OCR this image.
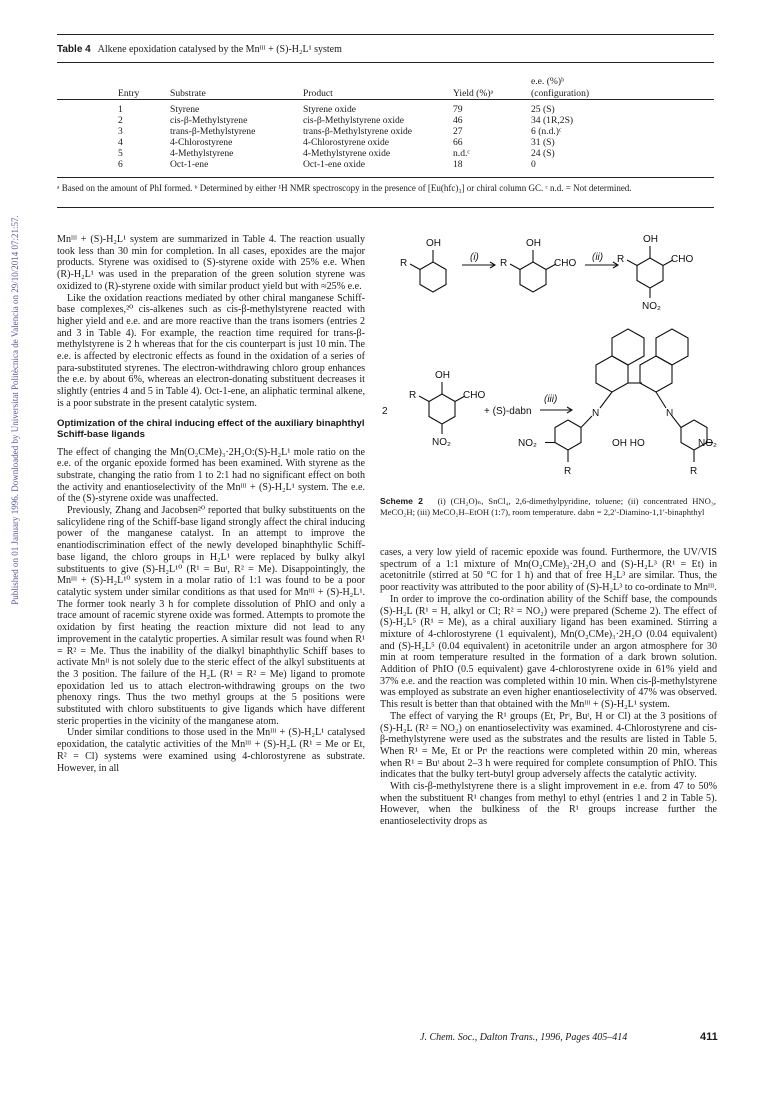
Table 4 Alkene epoxidation catalysed by the Mnᴵᴵᴵ + (S)-H₂L¹ system
Entry	Substrate	Product	Yield (%)ᵃ
e.e. (%)ᵇ
(configuration)
1	Styrene	Styrene oxide	79	25 (S)
2	cis-β-Methylstyrene	cis-β-Methylstyrene oxide	46	34 (1R,2S)
3	trans-β-Methylstyrene	trans-β-Methylstyrene oxide	27	6 (n.d.)ᶜ
4	4-Chlorostyrene	4-Chlorostyrene oxide	66	31 (S)
5	4-Methylstyrene	4-Methylstyrene oxide	n.d.ᶜ	24 (S)
6	Oct-1-ene	Oct-1-ene oxide	18	0
ᵃ Based on the amount of PhI formed. ᵇ Determined by either ¹H NMR spectroscopy in the presence of [Eu(hfc)₃] or chiral column GC. ᶜ n.d. = Not determined.
Published on 01 January 1996. Downloaded by Universitat Politècnica de Valencia on 29/10/2014 07:21:57.	Mnᴵᴵᴵ + (S)-H₂L¹ system are summarized in Table 4. The reaction usually took less than 30 min for completion. In all cases, epoxides are the major products. Styrene was oxidised to (S)-styrene oxide with 25% e.e. When (R)-H₂L¹ was used in the preparation of the green solution styrene was oxidized to (R)-styrene oxide with similar product yield but with ≈25% e.e.

Like the oxidation reactions mediated by other chiral manganese Schiff-base complexes,²⁰ cis-alkenes such as cis-β-methylstyrene reacted with higher yield and e.e. and are more reactive than the trans isomers (entries 2 and 3 in Table 4). For example, the reaction time required for trans-β-methylstyrene is 2 h whereas that for the cis counterpart is just 10 min. The e.e. is affected by electronic effects as found in the oxidation of a series of para-substituted styrenes. The electron-withdrawing chloro group enhances the e.e. by about 6%, whereas an electron-donating substituent decreases it slightly (entries 4 and 5 in Table 4). Oct-1-ene, an aliphatic terminal alkene, is a poor substrate in the present catalytic system.

Optimization of the chiral inducing effect of the auxiliary binaphthyl Schiff-base ligands

The effect of changing the Mn(O₂CMe)₃·2H₂O:(S)-H₂L¹ mole ratio on the e.e. of the organic epoxide formed has been examined. With styrene as the substrate, changing the ratio from 1 to 2:1 had no significant effect on both the activity and enantioselectivity of the Mnᴵᴵᴵ + (S)-H₂L¹ system. The e.e. of the (S)-styrene oxide was unaffected.

Previously, Zhang and Jacobsen²⁰ reported that bulky substituents on the salicylidene ring of the Schiff-base ligand strongly affect the chiral inducing power of the manganese catalyst. In an attempt to improve the enantiodiscrimination effect of the newly developed binaphthylic Schiff-base ligand, the chloro groups in H₂L¹ were replaced by bulky alkyl substituents to give (S)-H₂L¹⁰ (R¹ = Buᵗ, R² = Me). Disappointingly, the Mnᴵᴵᴵ + (S)-H₂L¹⁰ system in a molar ratio of 1:1 was found to be a poor catalytic system under similar conditions as that used for Mnᴵᴵᴵ + (S)-H₂L¹. The former took nearly 3 h for complete dissolution of PhIO and only a trace amount of racemic styrene oxide was formed. Attempts to promote the oxidation by first heating the reaction mixture did not lead to any improvement in the catalytic properties. A similar result was found when R¹ = R² = Me. Thus the inability of the dialkyl binaphthylic Schiff bases to activate Mnᴵᴵ is not solely due to the steric effect of the alkyl substituents at the 3 position. The failure of the H₂L (R¹ = R² = Me) ligand to promote epoxidation led us to attach electron-withdrawing groups on the two phenoxy rings. Thus the two methyl groups at the 5 positions were substituted with chloro substituents to give ligands which have different steric properties in the vicinity of the manganese atom.

Under similar conditions to those used in the Mnᴵᴵᴵ + (S)-H₂L¹ catalysed epoxidation, the catalytic activities of the Mnᴵᴵᴵ + (S)-H₂L (R¹ = Me or Et, R² = Cl) systems were examined using 4-chlorostyrene as substrate. However, in all

OH
R
(i)
OH
R	CHO
(ii)
OH
R	CHO
NO₂
OH
R	CHO
NO₂
2	+ (S)-dabn
(iii)
N	N
NO₂	OH HO	NO₂
R	R
Scheme 2 (i) (CH₂O)ₙ, SnCl₄, 2,6-dimethylpyridine, toluene; (ii) concentrated HNO₃, MeCO₂H; (iii) MeCO₂H–EtOH (1:7), room temperature. dabn = 2,2′-Diamino-1,1′-binaphthyl

cases, a very low yield of racemic epoxide was found. Furthermore, the UV/VIS spectrum of a 1:1 mixture of Mn(O₂CMe)₃·2H₂O and (S)-H₂L³ (R¹ = Et) in acetonitrile (stirred at 50 °C for 1 h) and that of free H₂L³ are similar. Thus, the poor reactivity was attributed to the poor ability of (S)-H₂L³ to co-ordinate to Mnᴵᴵᴵ.

In order to improve the co-ordination ability of the Schiff base, the compounds (S)-H₂L (R¹ = H, alkyl or Cl; R² = NO₂) were prepared (Scheme 2). The effect of (S)-H₂L⁵ (R¹ = Me), as a chiral auxiliary ligand has been examined. Stirring a mixture of 4-chlorostyrene (1 equivalent), Mn(O₂CMe)₃·2H₂O (0.04 equivalent) and (S)-H₂L⁵ (0.04 equivalent) in acetonitrile under an argon atmosphere for 30 min at room temperature resulted in the formation of a dark brown solution. Addition of PhIO (0.5 equivalent) gave 4-chlorostyrene oxide in 61% yield and 37% e.e. and the reaction was completed within 10 min. When cis-β-methylstyrene was employed as substrate an even higher enantioselectivity of 47% was observed. This result is better than that obtained with the Mnᴵᴵᴵ + (S)-H₂L¹ system.

The effect of varying the R¹ groups (Et, Prᶦ, Buᵗ, H or Cl) at the 3 positions of (S)-H₂L (R² = NO₂) on enantioselectivity was examined. 4-Chlorostyrene and cis-β-methylstyrene were used as the substrates and the results are listed in Table 5. When R¹ = Me, Et or Prᶦ the reactions were completed within 20 min, whereas when R¹ = Buᵗ about 2–3 h were required for complete consumption of PhIO. This indicates that the bulky tert-butyl group adversely affects the catalytic activity.

With cis-β-methylstyrene there is a slight improvement in e.e. from 47 to 50% when the substituent R¹ changes from methyl to ethyl (entries 1 and 2 in Table 5). However, when the bulkiness of the R¹ groups increase further the enantioselectivity drops as

J. Chem. Soc., Dalton Trans., 1996, Pages 405–414	411
